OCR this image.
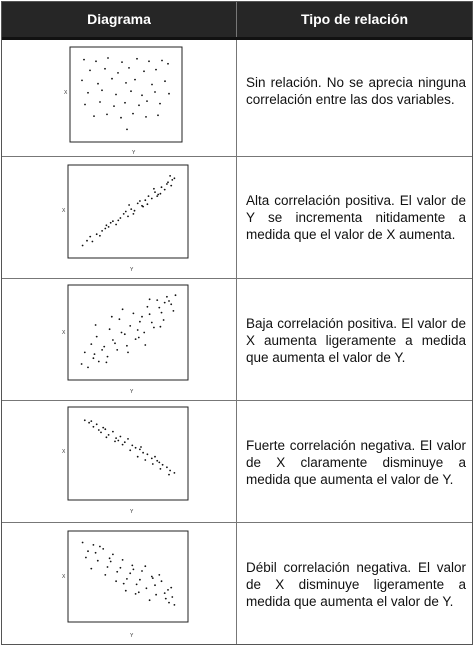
Diagrama	Tipo de relación
X
Y
Sin relación. No se aprecia ninguna correlación entre las dos variables.
X
Y
Alta correlación positiva. El valor de Y se incrementa nitidamente a medida que el valor de X aumenta.
X
Y
Baja correlación positiva. El valor de X aumenta ligeramente a medida que aumenta el valor de Y.
X
Y
Fuerte correlación negativa. El valor de X claramente disminuye a medida que aumenta el valor de Y.
X
Y
Débil correlación negativa. El valor de X disminuye ligeramente a medida que aumenta el valor de Y.
